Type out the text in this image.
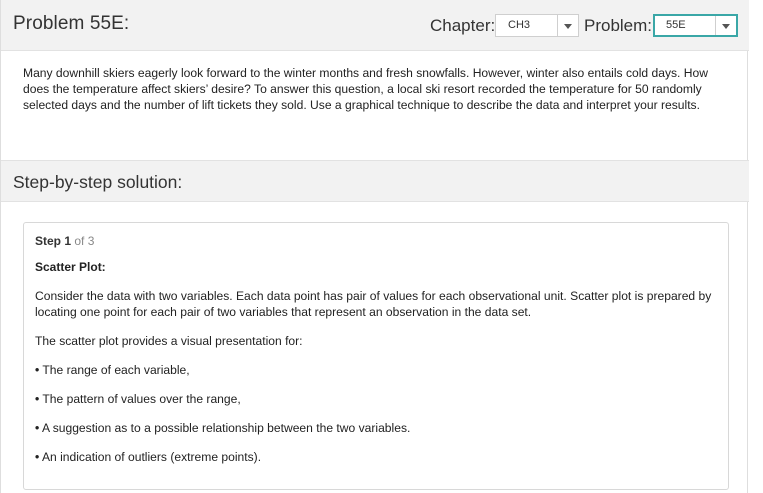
Problem 55E:	Chapter: CH3	Problem: 55E
Many downhill skiers eagerly look forward to the winter months and fresh snowfalls. However, winter also entails cold days. How does the temperature affect skiers’ desire? To answer this question, a local ski resort recorded the temperature for 50 randomly selected days and the number of lift tickets they sold. Use a graphical technique to describe the data and interpret your results.
Step-by-step solution:
Step 1 of 3
Scatter Plot:
Consider the data with two variables. Each data point has pair of values for each observational unit. Scatter plot is prepared by locating one point for each pair of two variables that represent an observation in the data set.
The scatter plot provides a visual presentation for:
• The range of each variable,
• The pattern of values over the range,
• A suggestion as to a possible relationship between the two variables.
• An indication of outliers (extreme points).
